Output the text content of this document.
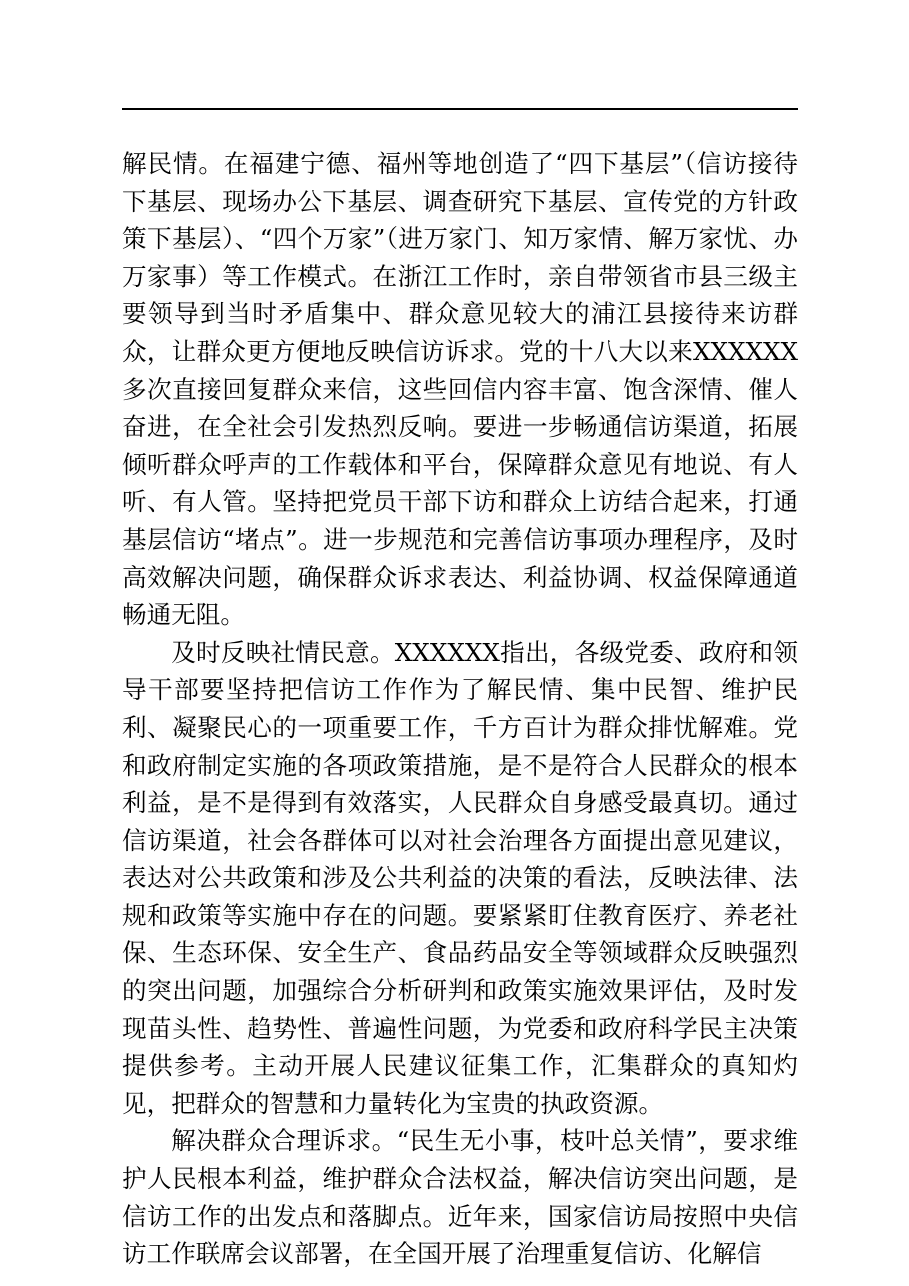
解民情。在福建宁德、福州等地创造了“四下基层”（信访接待下基层、现场办公下基层、调查研究下基层、宣传党的方针政策下基层）、“四个万家”（进万家门、知万家情、解万家忧、办万家事）等工作模式。在浙江工作时，亲自带领省市县三级主要领导到当时矛盾集中、群众意见较大的浦江县接待来访群众，让群众更方便地反映信访诉求。党的十八大以来XXXXXX多次直接回复群众来信，这些回信内容丰富、饱含深情、催人奋进，在全社会引发热烈反响。要进一步畅通信访渠道，拓展倾听群众呼声的工作载体和平台，保障群众意见有地说、有人听、有人管。坚持把党员干部下访和群众上访结合起来，打通基层信访“堵点”。进一步规范和完善信访事项办理程序，及时高效解决问题，确保群众诉求表达、利益协调、权益保障通道畅通无阻。

及时反映社情民意。XXXXXX指出，各级党委、政府和领导干部要坚持把信访工作作为了解民情、集中民智、维护民利、凝聚民心的一项重要工作，千方百计为群众排忧解难。党和政府制定实施的各项政策措施，是不是符合人民群众的根本利益，是不是得到有效落实，人民群众自身感受最真切。通过信访渠道，社会各群体可以对社会治理各方面提出意见建议，表达对公共政策和涉及公共利益的决策的看法，反映法律、法规和政策等实施中存在的问题。要紧紧盯住教育医疗、养老社保、生态环保、安全生产、食品药品安全等领域群众反映强烈的突出问题，加强综合分析研判和政策实施效果评估，及时发现苗头性、趋势性、普遍性问题，为党委和政府科学民主决策提供参考。主动开展人民建议征集工作，汇集群众的真知灼见，把群众的智慧和力量转化为宝贵的执政资源。

解决群众合理诉求。“民生无小事，枝叶总关情”，要求维护人民根本利益，维护群众合法权益，解决信访突出问题，是信访工作的出发点和落脚点。近年来，国家信访局按照中央信访工作联席会议部署，在全国开展了治理重复信访、化解信
